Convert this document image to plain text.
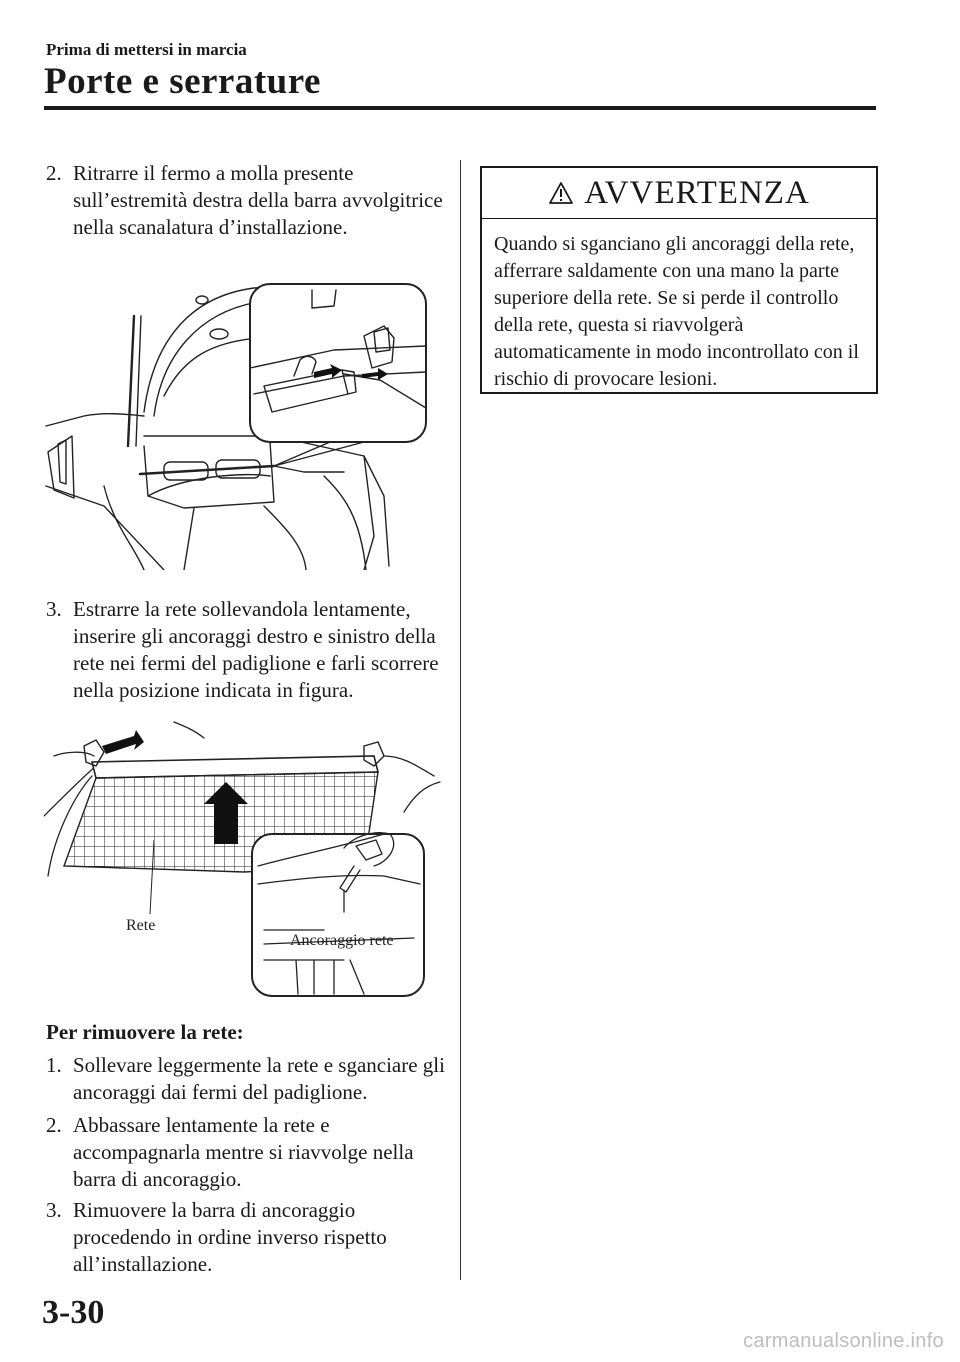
Prima di mettersi in marcia
Porte e serrature
2. Ritrarre il fermo a molla presente sull’estremità destra della barra avvolgitrice nella scanalatura d’installazione.
3. Estrarre la rete sollevandola lentamente, inserire gli ancoraggi destro e sinistro della rete nei fermi del padiglione e farli scorrere nella posizione indicata in figura.
Rete
Ancoraggio rete
Per rimuovere la rete:
1. Sollevare leggermente la rete e sganciare gli ancoraggi dai fermi del padiglione.
2. Abbassare lentamente la rete e accompagnarla mentre si riavvolge nella barra di ancoraggio.
3. Rimuovere la barra di ancoraggio procedendo in ordine inverso rispetto all’installazione.
AVVERTENZA
Quando si sganciano gli ancoraggi della rete, afferrare saldamente con una mano la parte superiore della rete. Se si perde il controllo della rete, questa si riavvolgerà automaticamente in modo incontrollato con il rischio di provocare lesioni.
3-30
carmanualsonline.info
